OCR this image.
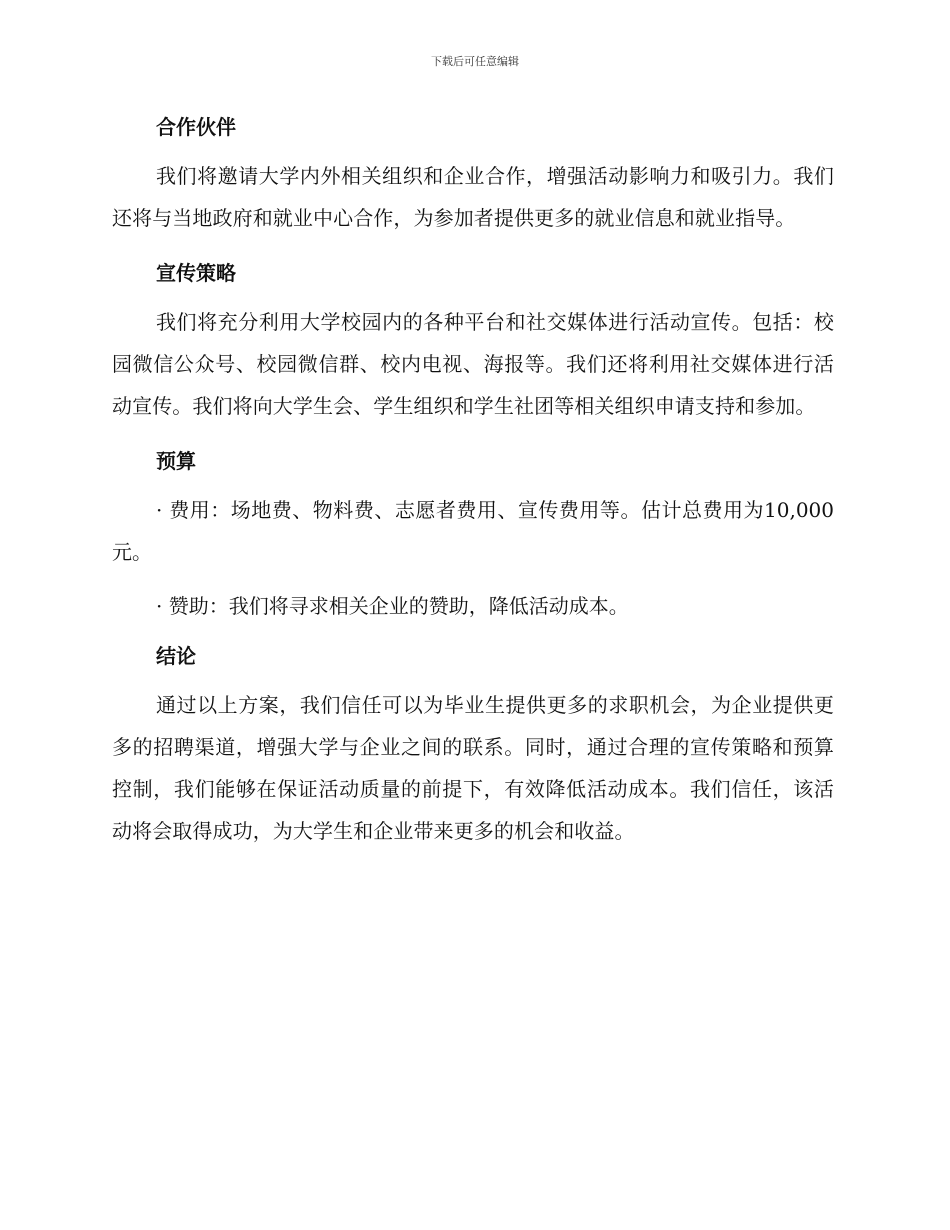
下载后可任意编辑
合作伙伴

我们将邀请大学内外相关组织和企业合作，增强活动影响力和吸引力。我们还将与当地政府和就业中心合作，为参加者提供更多的就业信息和就业指导。

宣传策略

我们将充分利用大学校园内的各种平台和社交媒体进行活动宣传。包括：校园微信公众号、校园微信群、校内电视、海报等。我们还将利用社交媒体进行活动宣传。我们将向大学生会、学生组织和学生社团等相关组织申请支持和参加。

预算

· 费用：场地费、物料费、志愿者费用、宣传费用等。估计总费用为10,000元。

· 赞助：我们将寻求相关企业的赞助，降低活动成本。

结论

通过以上方案，我们信任可以为毕业生提供更多的求职机会，为企业提供更多的招聘渠道，增强大学与企业之间的联系。同时，通过合理的宣传策略和预算控制，我们能够在保证活动质量的前提下，有效降低活动成本。我们信任，该活动将会取得成功，为大学生和企业带来更多的机会和收益。
